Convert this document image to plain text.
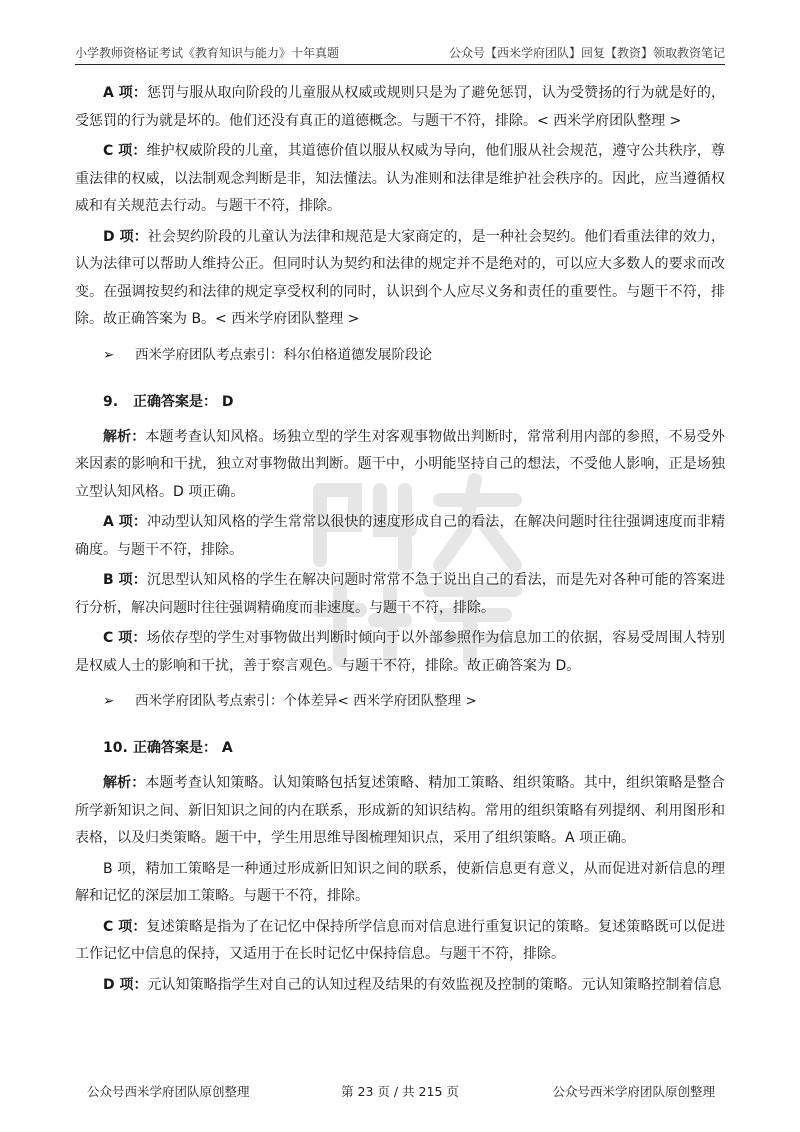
小学教师资格证考试《教育知识与能力》十年真题	公众号【西米学府团队】回复【教资】领取教资笔记

A 项：惩罚与服从取向阶段的儿童服从权威或规则只是为了避免惩罚，认为受赞扬的行为就是好的，受惩罚的行为就是坏的。他们还没有真正的道德概念。与题干不符，排除。< 西米学府团队整理 >

C 项：维护权威阶段的儿童，其道德价值以服从权威为导向，他们服从社会规范，遵守公共秩序，尊重法律的权威，以法制观念判断是非，知法懂法。认为准则和法律是维护社会秩序的。因此，应当遵循权威和有关规范去行动。与题干不符，排除。

D 项：社会契约阶段的儿童认为法律和规范是大家商定的，是一种社会契约。他们看重法律的效力，认为法律可以帮助人维持公正。但同时认为契约和法律的规定并不是绝对的，可以应大多数人的要求而改变。在强调按契约和法律的规定享受权利的同时，认识到个人应尽义务和责任的重要性。与题干不符，排除。故正确答案为 B。< 西米学府团队整理 >

➢ 西米学府团队考点索引：科尔伯格道德发展阶段论
9. 正确答案是： D

解析：本题考查认知风格。场独立型的学生对客观事物做出判断时，常常利用内部的参照，不易受外来因素的影响和干扰，独立对事物做出判断。题干中，小明能坚持自己的想法，不受他人影响，正是场独立型认知风格。D 项正确。

A 项：冲动型认知风格的学生常常以很快的速度形成自己的看法，在解决问题时往往强调速度而非精确度。与题干不符，排除。

B 项：沉思型认知风格的学生在解决问题时常常不急于说出自己的看法，而是先对各种可能的答案进行分析，解决问题时往往强调精确度而非速度。与题干不符，排除。

C 项：场依存型的学生对事物做出判断时倾向于以外部参照作为信息加工的依据，容易受周围人特别是权威人士的影响和干扰，善于察言观色。与题干不符，排除。故正确答案为 D。

➢ 西米学府团队考点索引：个体差异< 西米学府团队整理 >
10. 正确答案是： A

解析：本题考查认知策略。认知策略包括复述策略、精加工策略、组织策略。其中，组织策略是整合所学新知识之间、新旧知识之间的内在联系，形成新的知识结构。常用的组织策略有列提纲、利用图形和表格，以及归类策略。题干中，学生用思维导图梳理知识点，采用了组织策略。A 项正确。

B 项，精加工策略是一种通过形成新旧知识之间的联系，使新信息更有意义，从而促进对新信息的理解和记忆的深层加工策略。与题干不符，排除。

C 项：复述策略是指为了在记忆中保持所学信息而对信息进行重复识记的策略。复述策略既可以促进工作记忆中信息的保持，又适用于在长时记忆中保持信息。与题干不符，排除。

D 项：元认知策略指学生对自己的认知过程及结果的有效监视及控制的策略。元认知策略控制着信息

公众号西米学府团队原创整理	第 23 页 / 共 215 页	公众号西米学府团队原创整理
